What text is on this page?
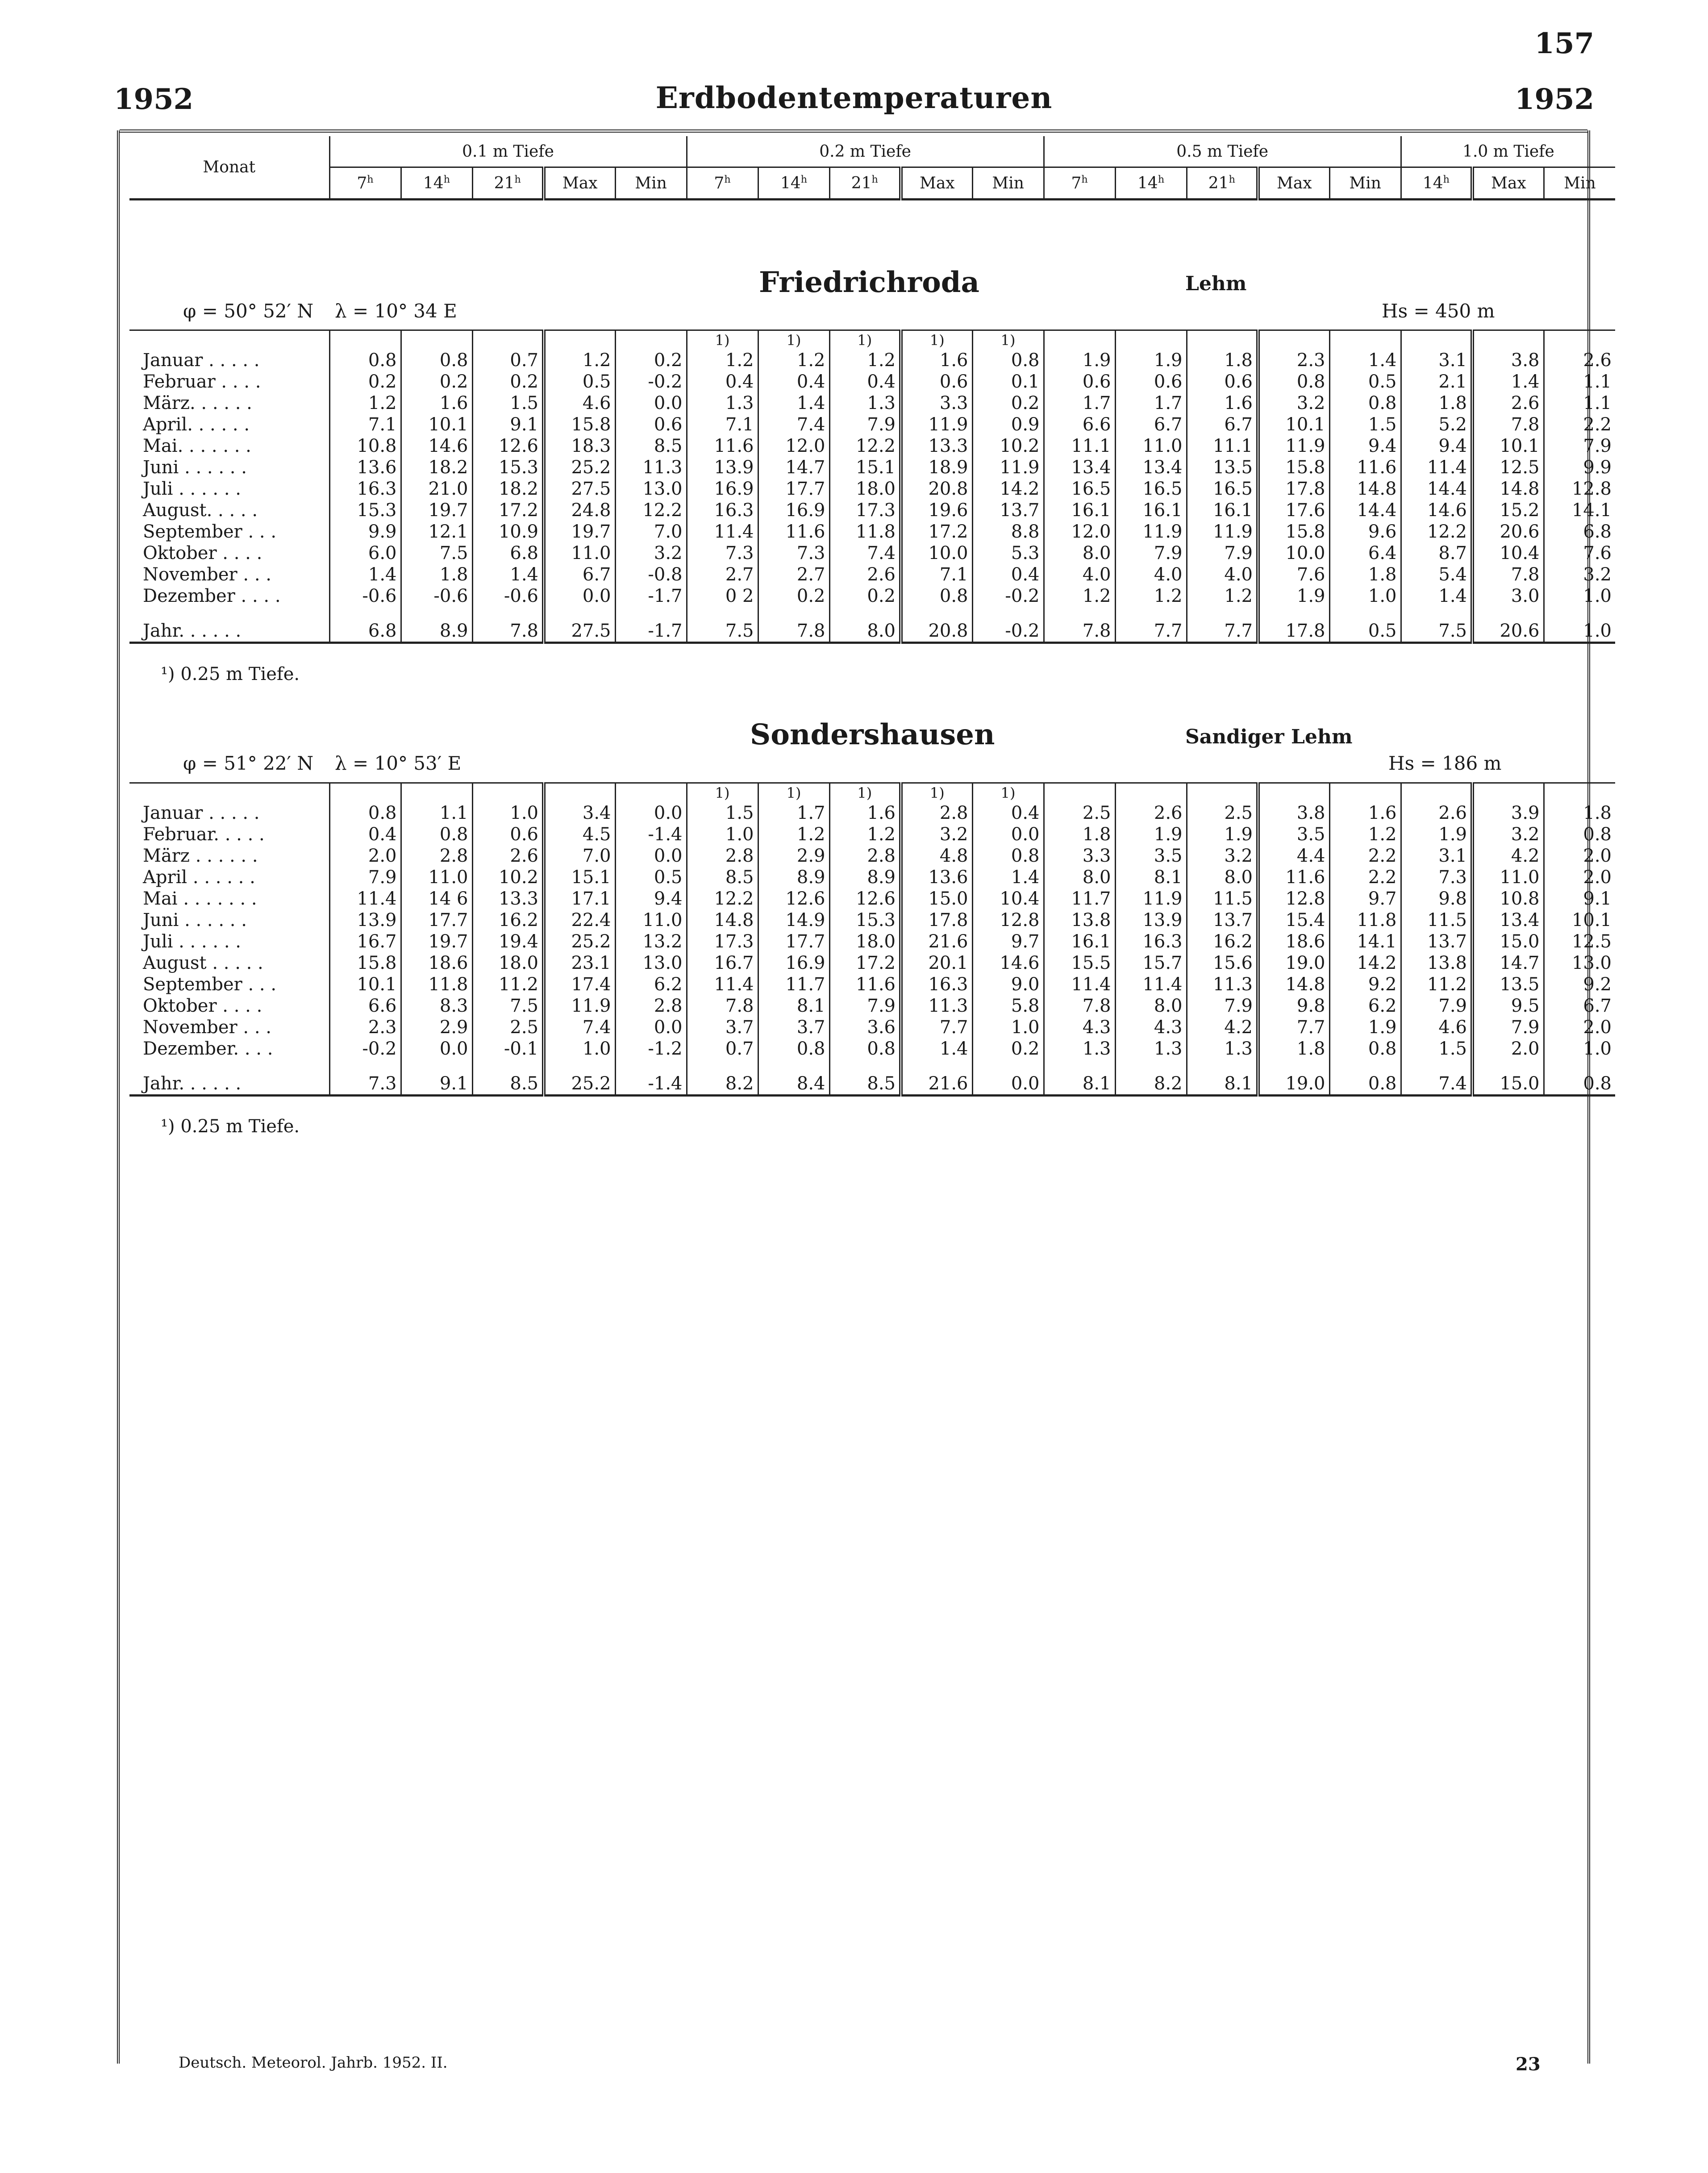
157
1952	Erdbodentemperaturen	1952
Monat	0.1 m Tiefe					0.2 m Tiefe					0.5 m Tiefe					1.0 m Tiefe		
	7$^h$	14$^h$	21$^h$	Max	Min	7$^h$	14$^h$	21$^h$	Max	Min	7$^h$	14$^h$	21$^h$	Max	Min	14$^h$	Max	Min
Friedrichroda	Lehm
φ = 50° 52′ N λ = 10° 34 E	Hs = 450 m
						1)	1)	1)	1)	1)								
Januar . . . . .	0.8	0.8	0.7	1.2	0.2	1.2	1.2	1.2	1.6	0.8	1.9	1.9	1.8	2.3	1.4	3.1	3.8	2.6
Februar . . . .	0.2	0.2	0.2	0.5	-0.2	0.4	0.4	0.4	0.6	0.1	0.6	0.6	0.6	0.8	0.5	2.1	1.4	1.1
März. . . . . .	1.2	1.6	1.5	4.6	0.0	1.3	1.4	1.3	3.3	0.2	1.7	1.7	1.6	3.2	0.8	1.8	2.6	1.1
April. . . . . .	7.1	10.1	9.1	15.8	0.6	7.1	7.4	7.9	11.9	0.9	6.6	6.7	6.7	10.1	1.5	5.2	7.8	2.2
Mai. . . . . . .	10.8	14.6	12.6	18.3	8.5	11.6	12.0	12.2	13.3	10.2	11.1	11.0	11.1	11.9	9.4	9.4	10.1	7.9
Juni . . . . . .	13.6	18.2	15.3	25.2	11.3	13.9	14.7	15.1	18.9	11.9	13.4	13.4	13.5	15.8	11.6	11.4	12.5	9.9
Juli . . . . . .	16.3	21.0	18.2	27.5	13.0	16.9	17.7	18.0	20.8	14.2	16.5	16.5	16.5	17.8	14.8	14.4	14.8	12.8
August. . . . .	15.3	19.7	17.2	24.8	12.2	16.3	16.9	17.3	19.6	13.7	16.1	16.1	16.1	17.6	14.4	14.6	15.2	14.1
September . . .	9.9	12.1	10.9	19.7	7.0	11.4	11.6	11.8	17.2	8.8	12.0	11.9	11.9	15.8	9.6	12.2	20.6	6.8
Oktober . . . .	6.0	7.5	6.8	11.0	3.2	7.3	7.3	7.4	10.0	5.3	8.0	7.9	7.9	10.0	6.4	8.7	10.4	7.6
November . . .	1.4	1.8	1.4	6.7	-0.8	2.7	2.7	2.6	7.1	0.4	4.0	4.0	4.0	7.6	1.8	5.4	7.8	3.2
Dezember . . . .	-0.6	-0.6	-0.6	0.0	-1.7	0 2	0.2	0.2	0.8	-0.2	1.2	1.2	1.2	1.9	1.0	1.4	3.0	1.0

Jahr. . . . . .	6.8	8.9	7.8	27.5	-1.7	7.5	7.8	8.0	20.8	-0.2	7.8	7.7	7.7	17.8	0.5	7.5	20.6	1.0
¹) 0.25 m Tiefe.
Sondershausen	Sandiger Lehm
φ = 51° 22′ N λ = 10° 53′ E	Hs = 186 m
						1)	1)	1)	1)	1)								
Januar . . . . .	0.8	1.1	1.0	3.4	0.0	1.5	1.7	1.6	2.8	0.4	2.5	2.6	2.5	3.8	1.6	2.6	3.9	1.8
Februar. . . . .	0.4	0.8	0.6	4.5	-1.4	1.0	1.2	1.2	3.2	0.0	1.8	1.9	1.9	3.5	1.2	1.9	3.2	0.8
März . . . . . .	2.0	2.8	2.6	7.0	0.0	2.8	2.9	2.8	4.8	0.8	3.3	3.5	3.2	4.4	2.2	3.1	4.2	2.0
April . . . . . .	7.9	11.0	10.2	15.1	0.5	8.5	8.9	8.9	13.6	1.4	8.0	8.1	8.0	11.6	2.2	7.3	11.0	2.0
Mai . . . . . . .	11.4	14 6	13.3	17.1	9.4	12.2	12.6	12.6	15.0	10.4	11.7	11.9	11.5	12.8	9.7	9.8	10.8	9.1
Juni . . . . . .	13.9	17.7	16.2	22.4	11.0	14.8	14.9	15.3	17.8	12.8	13.8	13.9	13.7	15.4	11.8	11.5	13.4	10.1
Juli . . . . . .	16.7	19.7	19.4	25.2	13.2	17.3	17.7	18.0	21.6	9.7	16.1	16.3	16.2	18.6	14.1	13.7	15.0	12.5
August . . . . .	15.8	18.6	18.0	23.1	13.0	16.7	16.9	17.2	20.1	14.6	15.5	15.7	15.6	19.0	14.2	13.8	14.7	13.0
September . . .	10.1	11.8	11.2	17.4	6.2	11.4	11.7	11.6	16.3	9.0	11.4	11.4	11.3	14.8	9.2	11.2	13.5	9.2
Oktober . . . .	6.6	8.3	7.5	11.9	2.8	7.8	8.1	7.9	11.3	5.8	7.8	8.0	7.9	9.8	6.2	7.9	9.5	6.7
November . . .	2.3	2.9	2.5	7.4	0.0	3.7	3.7	3.6	7.7	1.0	4.3	4.3	4.2	7.7	1.9	4.6	7.9	2.0
Dezember. . . .	-0.2	0.0	-0.1	1.0	-1.2	0.7	0.8	0.8	1.4	0.2	1.3	1.3	1.3	1.8	0.8	1.5	2.0	1.0

Jahr. . . . . .	7.3	9.1	8.5	25.2	-1.4	8.2	8.4	8.5	21.6	0.0	8.1	8.2	8.1	19.0	0.8	7.4	15.0	0.8
¹) 0.25 m Tiefe.
Deutsch. Meteorol. Jahrb. 1952. II.	23
